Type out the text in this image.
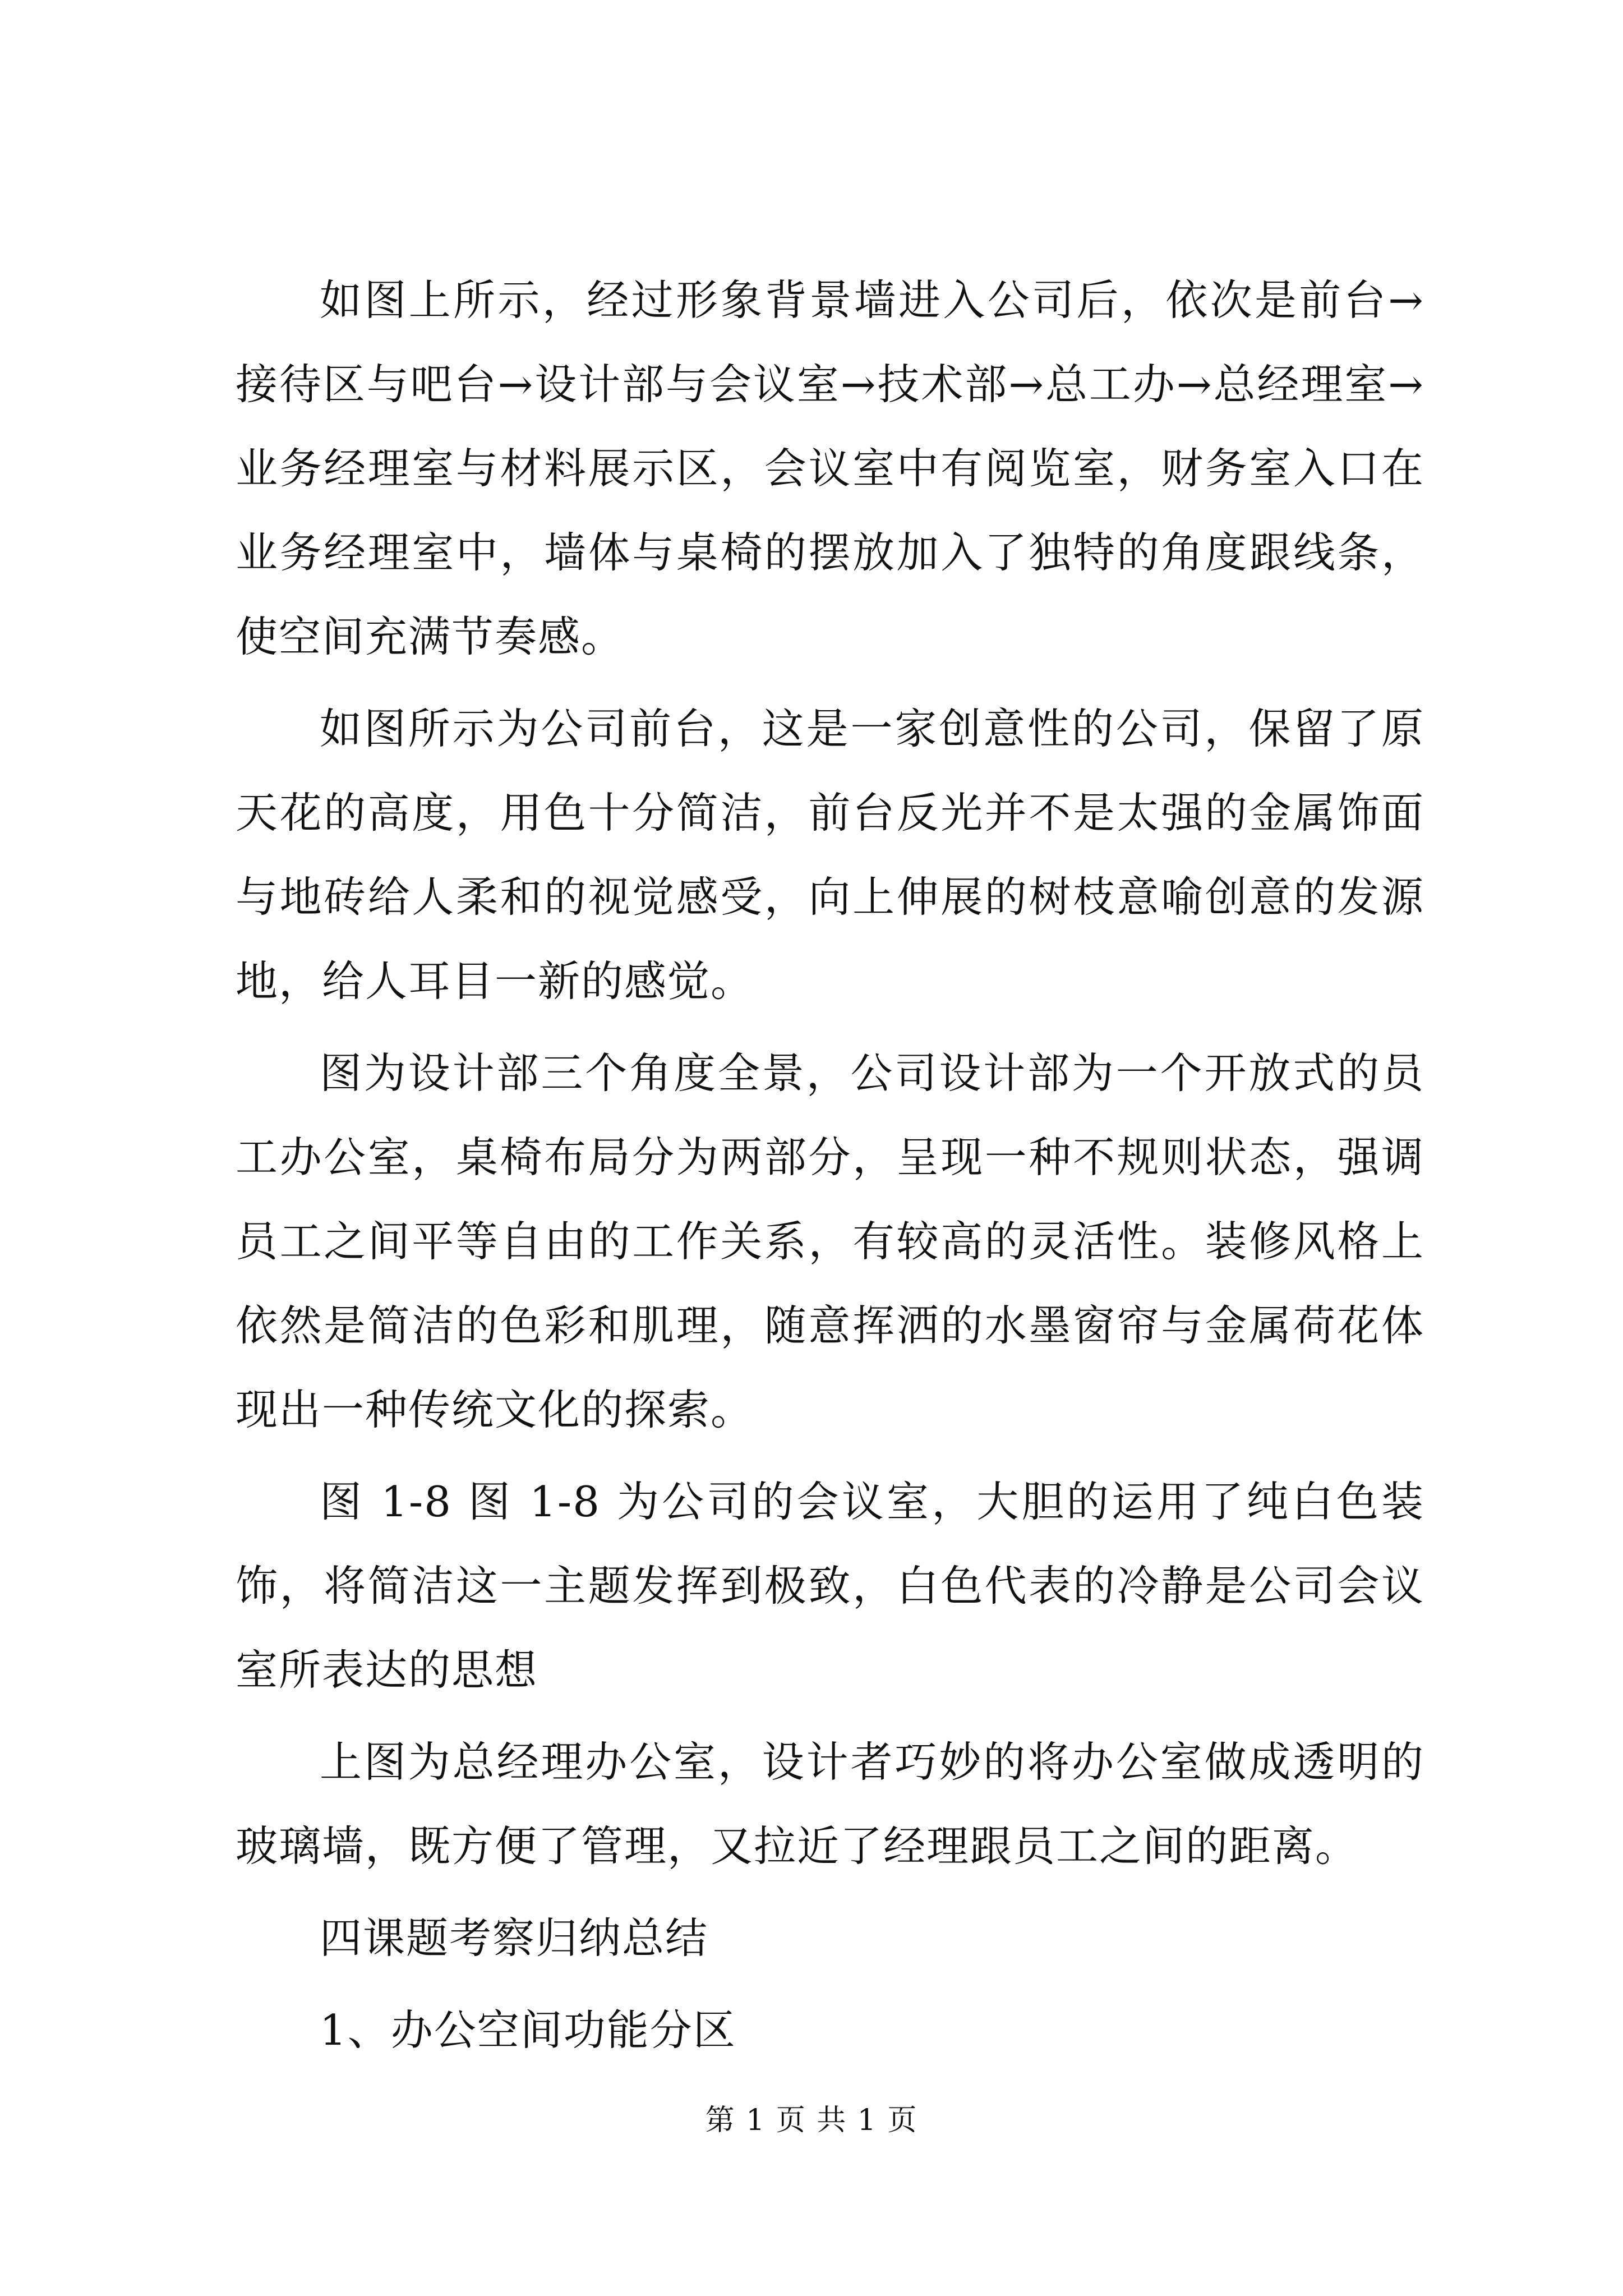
如图上所示，经过形象背景墙进入公司后，依次是前台→接待区与吧台→设计部与会议室→技术部→总工办→总经理室→业务经理室与材料展示区，会议室中有阅览室，财务室入口在业务经理室中，墙体与桌椅的摆放加入了独特的角度跟线条，使空间充满节奏感。

如图所示为公司前台，这是一家创意性的公司，保留了原天花的高度，用色十分简洁，前台反光并不是太强的金属饰面与地砖给人柔和的视觉感受，向上伸展的树枝意喻创意的发源地，给人耳目一新的感觉。

图为设计部三个角度全景，公司设计部为一个开放式的员工办公室，桌椅布局分为两部分，呈现一种不规则状态，强调员工之间平等自由的工作关系，有较高的灵活性。装修风格上依然是简洁的色彩和肌理，随意挥洒的水墨窗帘与金属荷花体现出一种传统文化的探索。

图 1-8 图 1-8 为公司的会议室，大胆的运用了纯白色装饰，将简洁这一主题发挥到极致，白色代表的冷静是公司会议室所表达的思想

上图为总经理办公室，设计者巧妙的将办公室做成透明的玻璃墙，既方便了管理，又拉近了经理跟员工之间的距离。

四课题考察归纳总结

1、办公空间功能分区

第 1 页 共 1 页
